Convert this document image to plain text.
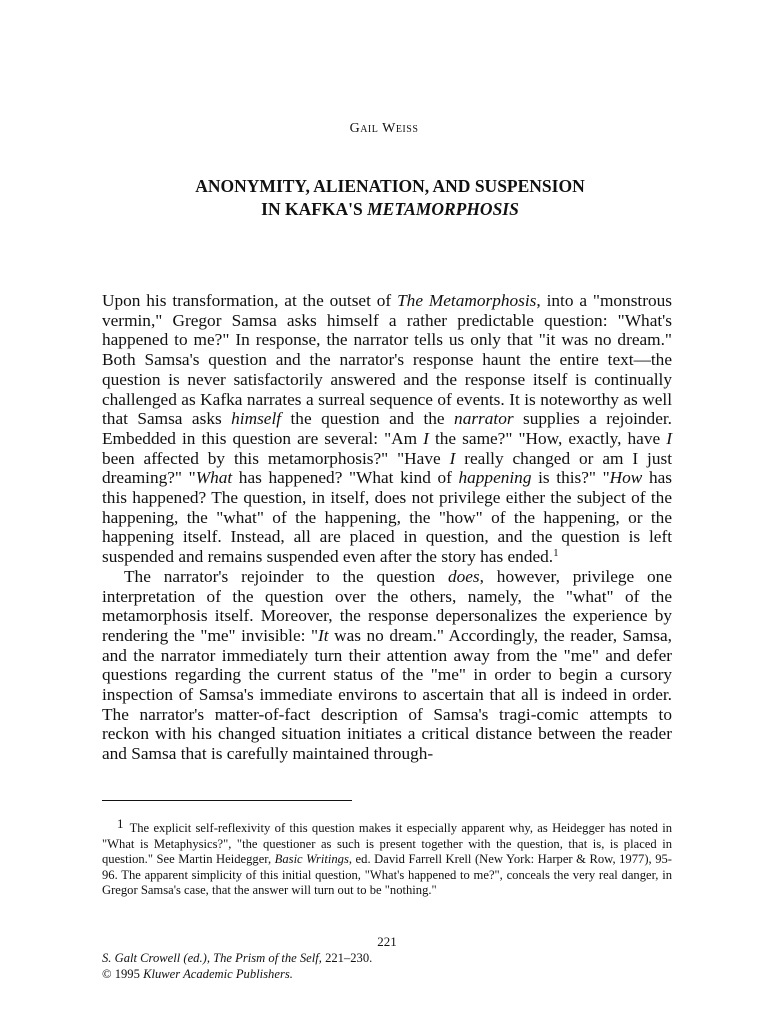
Gail Weiss
ANONYMITY, ALIENATION, AND SUSPENSION
IN KAFKA'S METAMORPHOSIS

Upon his transformation, at the outset of The Metamorphosis, into a "monstrous vermin," Gregor Samsa asks himself a rather predictable question: "What's happened to me?" In response, the narrator tells us only that "it was no dream." Both Samsa's question and the narrator's response haunt the entire text—the question is never satisfactorily answered and the response itself is continually challenged as Kafka narrates a surreal sequence of events. It is noteworthy as well that Samsa asks himself the question and the narrator supplies a rejoinder. Embedded in this question are several: "Am I the same?" "How, exactly, have I been affected by this metamorphosis?" "Have I really changed or am I just dreaming?" "What has happened? "What kind of happening is this?" "How has this happened? The question, in itself, does not privilege either the subject of the happening, the "what" of the happening, the "how" of the happening, or the happening itself. Instead, all are placed in question, and the question is left suspended and remains suspended even after the story has ended.$^1$

The narrator's rejoinder to the question does, however, privilege one interpretation of the question over the others, namely, the "what" of the metamorphosis itself. Moreover, the response depersonalizes the experience by rendering the "me" invisible: "It was no dream." Accordingly, the reader, Samsa, and the narrator immediately turn their attention away from the "me" and defer questions regarding the current status of the "me" in order to begin a cursory inspection of Samsa's immediate environs to ascertain that all is indeed in order. The narrator's matter-of-fact description of Samsa's tragi-comic attempts to reckon with his changed situation initiates a critical distance between the reader and Samsa that is carefully maintained through-

1 The explicit self-reflexivity of this question makes it especially apparent why, as Heidegger has noted in "What is Metaphysics?", "the questioner as such is present together with the question, that is, is placed in question." See Martin Heidegger, Basic Writings, ed. David Farrell Krell (New York: Harper & Row, 1977), 95-96. The apparent simplicity of this initial question, "What's happened to me?", conceals the very real danger, in Gregor Samsa's case, that the answer will turn out to be "nothing."
221
S. Galt Crowell (ed.), The Prism of the Self, 221–230.
© 1995 Kluwer Academic Publishers.
